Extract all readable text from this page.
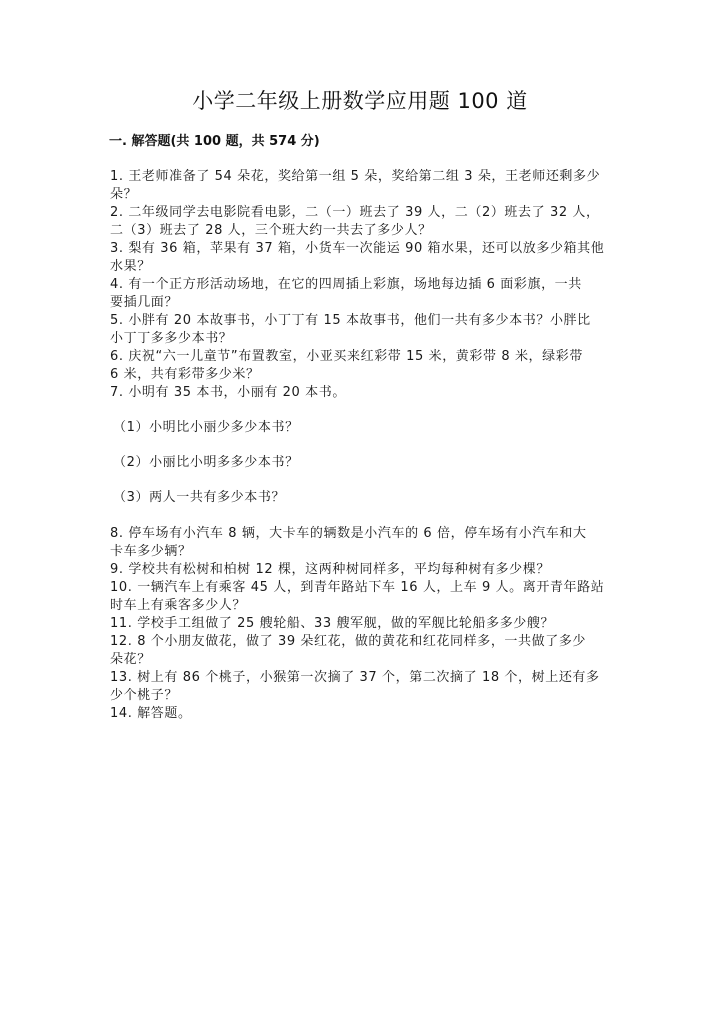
小学二年级上册数学应用题 100 道
一. 解答题(共 100 题，共 574 分)
1. 王老师准备了 54 朵花，奖给第一组 5 朵，奖给第二组 3 朵，王老师还剩多少
朵？
2. 二年级同学去电影院看电影，二（一）班去了 39 人，二（2）班去了 32 人，
二（3）班去了 28 人，三个班大约一共去了多少人？
3. 梨有 36 箱，苹果有 37 箱，小货车一次能运 90 箱水果，还可以放多少箱其他
水果？
4. 有一个正方形活动场地，在它的四周插上彩旗，场地每边插 6 面彩旗，一共
要插几面？
5. 小胖有 20 本故事书，小丁丁有 15 本故事书，他们一共有多少本书？小胖比
小丁丁多多少本书？
6. 庆祝“六一儿童节”布置教室，小亚买来红彩带 15 米，黄彩带 8 米，绿彩带
6 米，共有彩带多少米？
7. 小明有 35 本书，小丽有 20 本书。
（1）小明比小丽少多少本书？
（2）小丽比小明多多少本书？
（3）两人一共有多少本书？
8. 停车场有小汽车 8 辆，大卡车的辆数是小汽车的 6 倍，停车场有小汽车和大
卡车多少辆？
9. 学校共有松树和柏树 12 棵，这两种树同样多，平均每种树有多少棵？
10. 一辆汽车上有乘客 45 人，到青年路站下车 16 人，上车 9 人。离开青年路站
时车上有乘客多少人？
11. 学校手工组做了 25 艘轮船、33 艘军舰，做的军舰比轮船多多少艘？
12. 8 个小朋友做花，做了 39 朵红花，做的黄花和红花同样多，一共做了多少
朵花？
13. 树上有 86 个桃子，小猴第一次摘了 37 个，第二次摘了 18 个，树上还有多
少个桃子？
14. 解答题。
